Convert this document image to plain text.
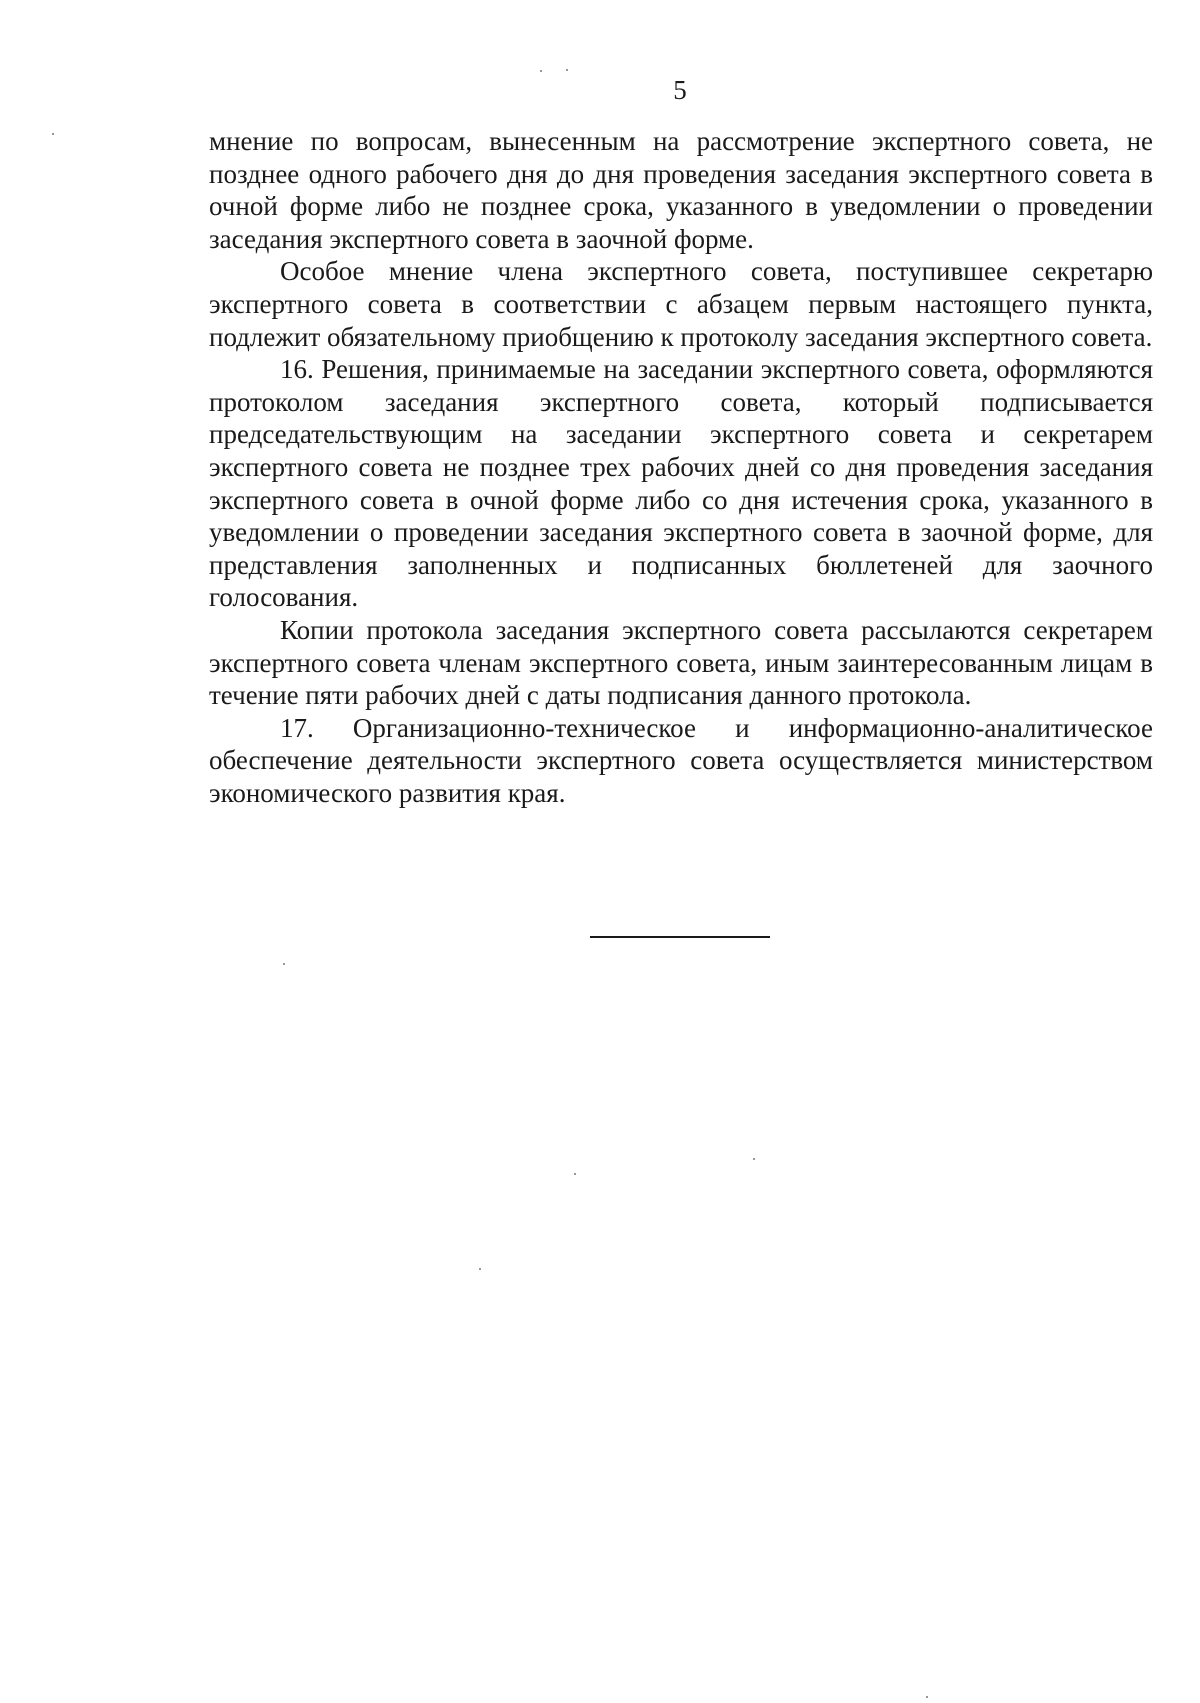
5

мнение по вопросам, вынесенным на рассмотрение экспертного совета, не позднее одного рабочего дня до дня проведения заседания экспертного совета в очной форме либо не позднее срока, указанного в уведомлении о проведении заседания экспертного совета в заочной форме.

Особое мнение члена экспертного совета, поступившее секретарю экспертного совета в соответствии с абзацем первым настоящего пункта, подлежит обязательному приобщению к протоколу заседания экспертного совета.

16. Решения, принимаемые на заседании экспертного совета, оформляются протоколом заседания экспертного совета, который подписывается председательствующим на заседании экспертного совета и секретарем экспертного совета не позднее трех рабочих дней со дня проведения заседания экспертного совета в очной форме либо со дня истечения срока, указанного в уведомлении о проведении заседания экспертного совета в заочной форме, для представления заполненных и подписанных бюллетеней для заочного голосования.

Копии протокола заседания экспертного совета рассылаются секретарем экспертного совета членам экспертного совета, иным заинтересованным лицам в течение пяти рабочих дней с даты подписания данного протокола.

17. Организационно-техническое и информационно-аналитическое обеспечение деятельности экспертного совета осуществляется министерством экономического развития края.
